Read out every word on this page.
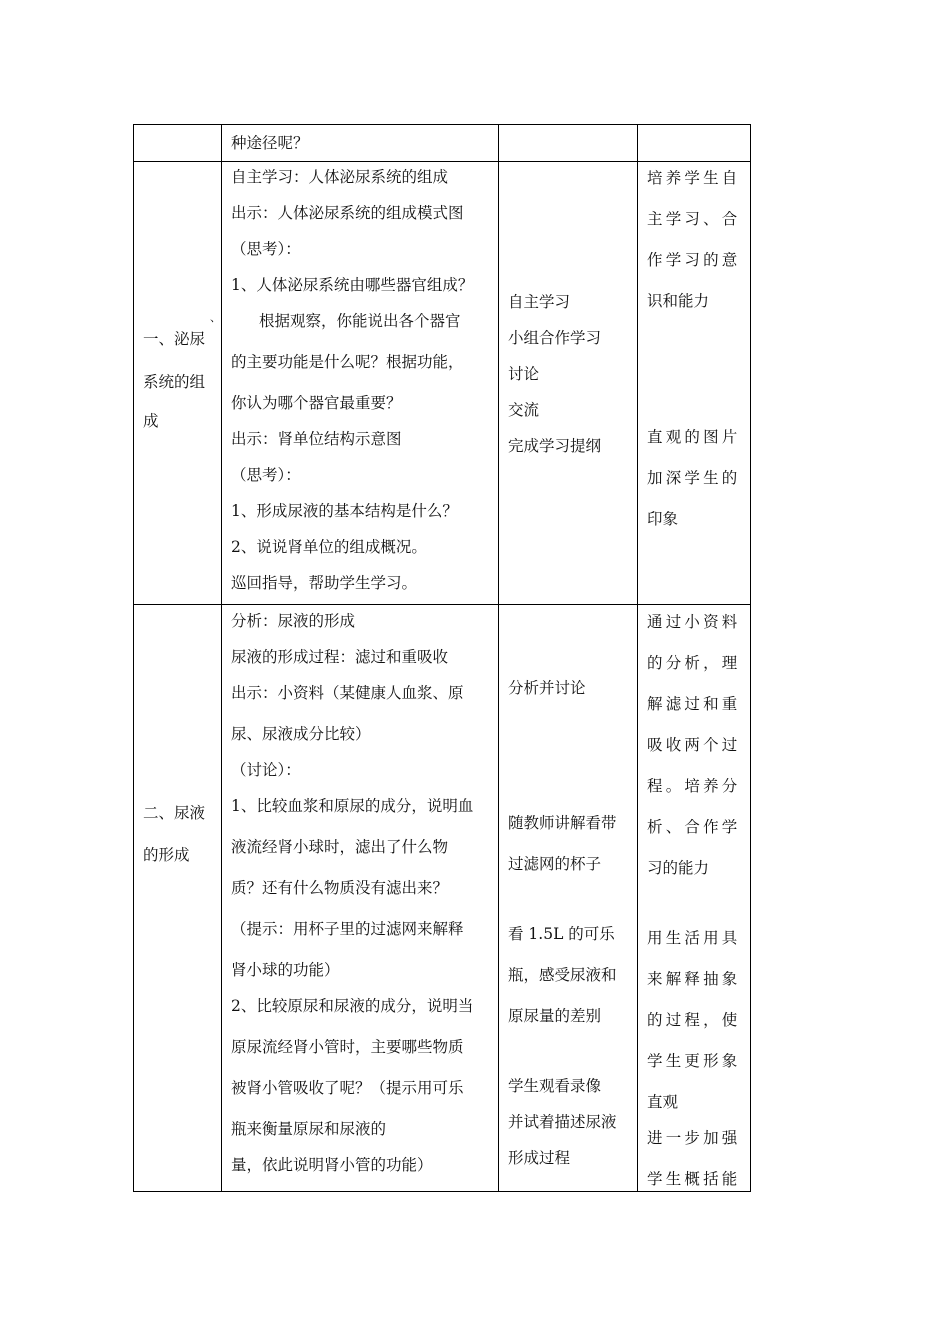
种途径呢？
一、泌尿
系统的组
成
、
自主学习：人体泌尿系统的组成
出示：人体泌尿系统的组成模式图
（思考）：
1、人体泌尿系统由哪些器官组成？
根据观察，你能说出各个器官
的主要功能是什么呢？根据功能，
你认为哪个器官最重要？
出示：肾单位结构示意图
（思考）：
1、形成尿液的基本结构是什么？
2、说说肾单位的组成概况。
巡回指导，帮助学生学习。
自主学习
小组合作学习
讨论
交流
完成学习提纲
培养学生自
主学习、合
作学习的意
识和能力
直观的图片
加深学生的
印象
二、尿液
的形成
分析：尿液的形成
尿液的形成过程：滤过和重吸收
出示：小资料（某健康人血浆、原
尿、尿液成分比较）
（讨论）：
1、比较血浆和原尿的成分，说明血
液流经肾小球时，滤出了什么物
质？还有什么物质没有滤出来？
（提示：用杯子里的过滤网来解释
肾小球的功能）
2、比较原尿和尿液的成分，说明当
原尿流经肾小管时，主要哪些物质
被肾小管吸收了呢？（提示用可乐
瓶来衡量原尿和尿液的
量，依此说明肾小管的功能）
分析并讨论
随教师讲解看带
过滤网的杯子
看 1.5L 的可乐
瓶，感受尿液和
原尿量的差别
学生观看录像
并试着描述尿液
形成过程
通过小资料
的分析，理
解滤过和重
吸收两个过
程。培养分
析、合作学
习的能力
用生活用具
来解释抽象
的过程，使
学生更形象
直观
进一步加强
学生概括能
